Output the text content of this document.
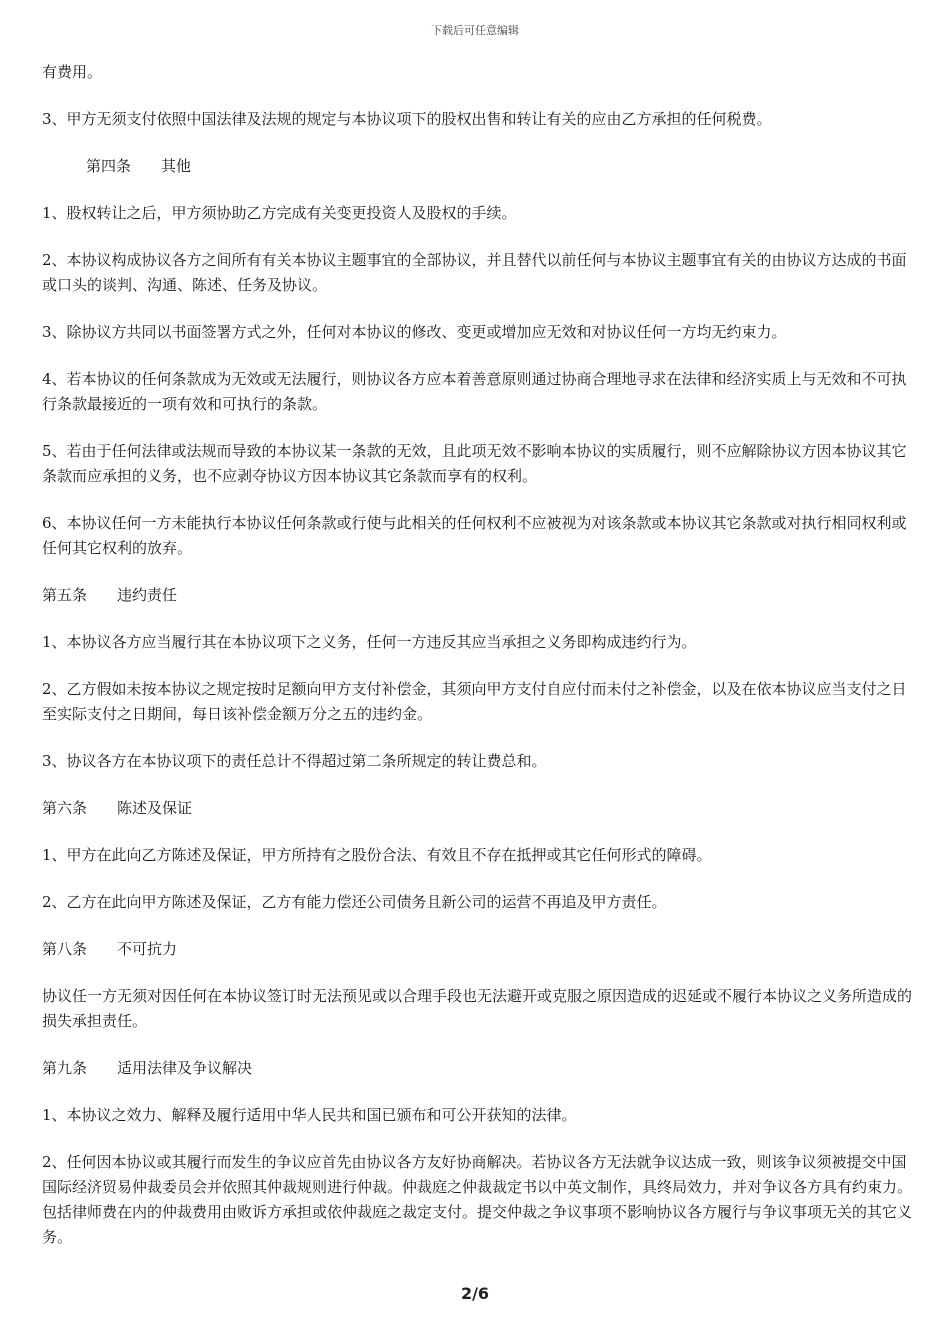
下载后可任意编辑
有费用。
3、甲方无须支付依照中国法律及法规的规定与本协议项下的股权出售和转让有关的应由乙方承担的任何税费。
第四条 其他
1、股权转让之后，甲方须协助乙方完成有关变更投资人及股权的手续。
2、本协议构成协议各方之间所有有关本协议主题事宜的全部协议，并且替代以前任何与本协议主题事宜有关的由协议方达成的书面或口头的谈判、沟通、陈述、任务及协议。
3、除协议方共同以书面签署方式之外，任何对本协议的修改、变更或增加应无效和对协议任何一方均无约束力。
4、若本协议的任何条款成为无效或无法履行，则协议各方应本着善意原则通过协商合理地寻求在法律和经济实质上与无效和不可执行条款最接近的一项有效和可执行的条款。
5、若由于任何法律或法规而导致的本协议某一条款的无效，且此项无效不影响本协议的实质履行，则不应解除协议方因本协议其它条款而应承担的义务，也不应剥夺协议方因本协议其它条款而享有的权利。
6、本协议任何一方未能执行本协议任何条款或行使与此相关的任何权利不应被视为对该条款或本协议其它条款或对执行相同权利或任何其它权利的放弃。
第五条 违约责任
1、本协议各方应当履行其在本协议项下之义务，任何一方违反其应当承担之义务即构成违约行为。
2、乙方假如未按本协议之规定按时足额向甲方支付补偿金，其须向甲方支付自应付而未付之补偿金，以及在依本协议应当支付之日至实际支付之日期间，每日该补偿金额万分之五的违约金。
3、协议各方在本协议项下的责任总计不得超过第二条所规定的转让费总和。
第六条 陈述及保证
1、甲方在此向乙方陈述及保证，甲方所持有之股份合法、有效且不存在抵押或其它任何形式的障碍。
2、乙方在此向甲方陈述及保证，乙方有能力偿还公司债务且新公司的运营不再追及甲方责任。
第八条 不可抗力
协议任一方无须对因任何在本协议签订时无法预见或以合理手段也无法避开或克服之原因造成的迟延或不履行本协议之义务所造成的损失承担责任。
第九条 适用法律及争议解决
1、本协议之效力、解释及履行适用中华人民共和国已颁布和可公开获知的法律。
2、任何因本协议或其履行而发生的争议应首先由协议各方友好协商解决。若协议各方无法就争议达成一致，则该争议须被提交中国国际经济贸易仲裁委员会并依照其仲裁规则进行仲裁。仲裁庭之仲裁裁定书以中英文制作，具终局效力，并对争议各方具有约束力。包括律师费在内的仲裁费用由败诉方承担或依仲裁庭之裁定支付。提交仲裁之争议事项不影响协议各方履行与争议事项无关的其它义务。
2/6
